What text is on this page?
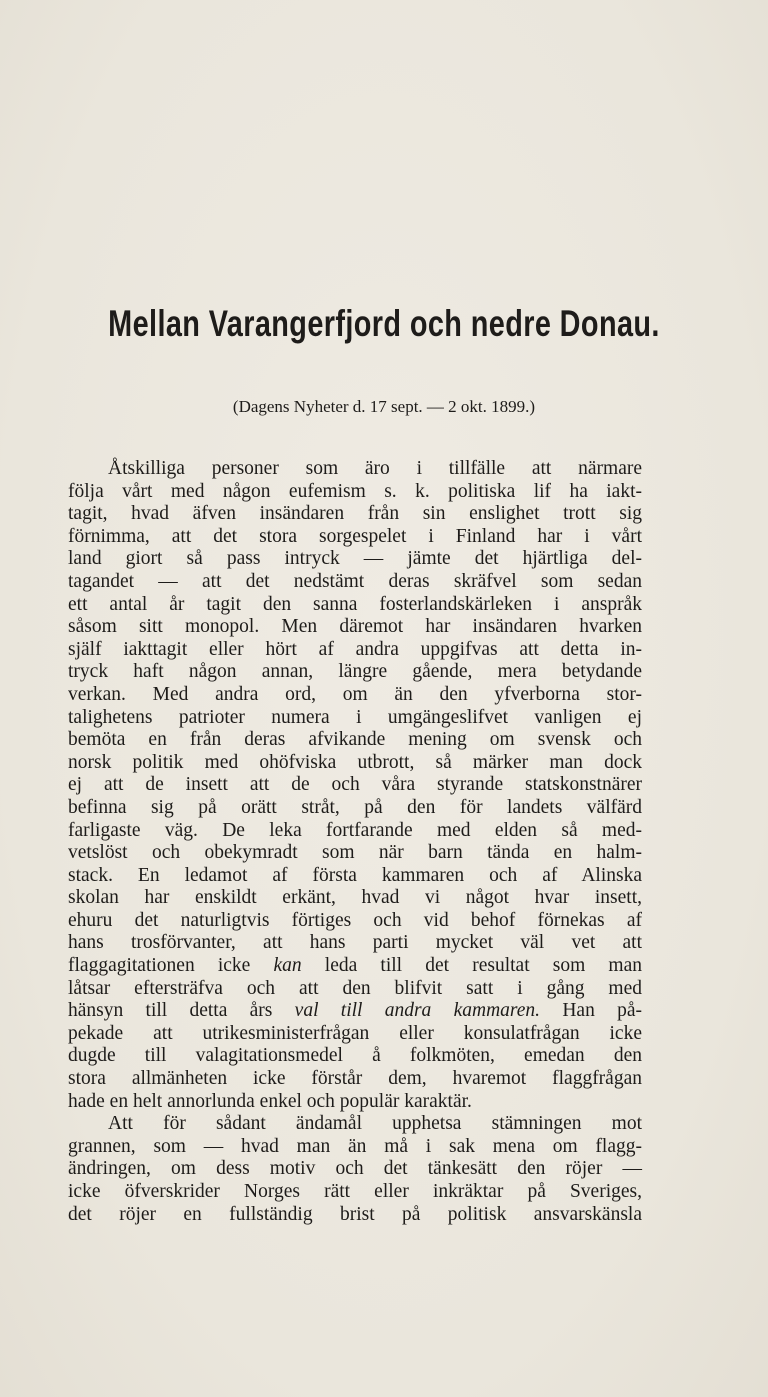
Mellan Varangerfjord och nedre Donau.

(Dagens Nyheter d. 17 sept. — 2 okt. 1899.)

Åtskilliga personer som äro i tillfälle att närmare
följa vårt med någon eufemism s. k. politiska lif ha iakt-
tagit, hvad äfven insändaren från sin enslighet trott sig
förnimma, att det stora sorgespelet i Finland har i vårt
land giort så pass intryck — jämte det hjärtliga del-
tagandet — att det nedstämt deras skräfvel som sedan
ett antal år tagit den sanna fosterlandskärleken i anspråk
såsom sitt monopol. Men däremot har insändaren hvarken
själf iakttagit eller hört af andra uppgifvas att detta in-
tryck haft någon annan, längre gående, mera betydande
verkan. Med andra ord, om än den yfverborna stor-
talighetens patrioter numera i umgängeslifvet vanligen ej
bemöta en från deras afvikande mening om svensk och
norsk politik med ohöfviska utbrott, så märker man dock
ej att de insett att de och våra styrande statskonstnärer
befinna sig på orätt stråt, på den för landets välfärd
farligaste väg. De leka fortfarande med elden så med-
vetslöst och obekymradt som när barn tända en halm-
stack. En ledamot af första kammaren och af Alinska
skolan har enskildt erkänt, hvad vi något hvar insett,
ehuru det naturligtvis förtiges och vid behof förnekas af
hans trosförvanter, att hans parti mycket väl vet att
flaggagitationen icke kan leda till det resultat som man
låtsar eftersträfva och att den blifvit satt i gång med
hänsyn till detta års val till andra kammaren. Han på-
pekade att utrikesministerfrågan eller konsulatfrågan icke
dugde till valagitationsmedel å folkmöten, emedan den
stora allmänheten icke förstår dem, hvaremot flaggfrågan
hade en helt annorlunda enkel och populär karaktär.
Att för sådant ändamål upphetsa stämningen mot
grannen, som — hvad man än må i sak mena om flagg-
ändringen, om dess motiv och det tänkesätt den röjer —
icke öfverskrider Norges rätt eller inkräktar på Sveriges,
det röjer en fullständig brist på politisk ansvarskänsla
